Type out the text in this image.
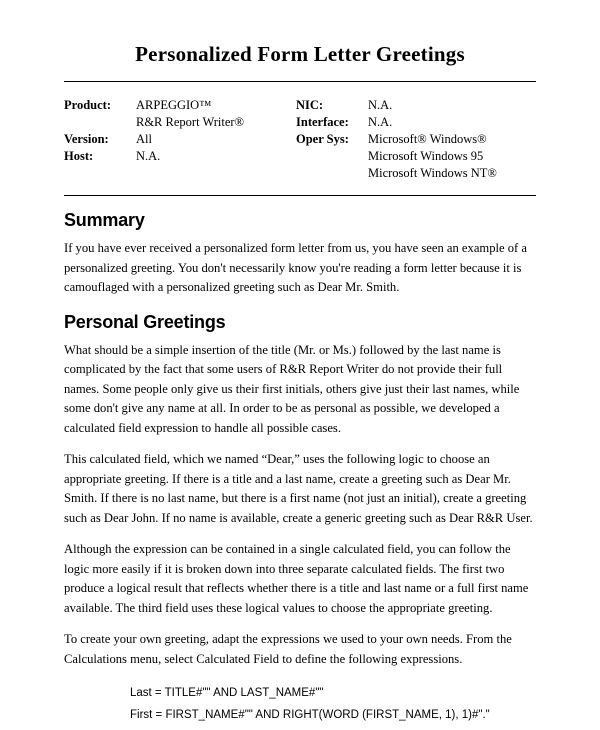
Personalized Form Letter Greetings
Product:
Version:
Host:
ARPEGGIO™
R&R Report Writer®
All
N.A.
NIC:
Interface:
Oper Sys:
N.A.
N.A.
Microsoft® Windows®
Microsoft Windows 95
Microsoft Windows NT®
Summary

If you have ever received a personalized form letter from us, you have seen an example of a personalized greeting. You don't necessarily know you're reading a form letter because it is camouflaged with a personalized greeting such as Dear Mr. Smith.

Personal Greetings

What should be a simple insertion of the title (Mr. or Ms.) followed by the last name is complicated by the fact that some users of R&R Report Writer do not provide their full names. Some people only give us their first initials, others give just their last names, while some don't give any name at all. In order to be as personal as possible, we developed a calculated field expression to handle all possible cases.

This calculated field, which we named “Dear,” uses the following logic to choose an appropriate greeting. If there is a title and a last name, create a greeting such as Dear Mr. Smith. If there is no last name, but there is a first name (not just an initial), create a greeting such as Dear John. If no name is available, create a generic greeting such as Dear R&R User.

Although the expression can be contained in a single calculated field, you can follow the logic more easily if it is broken down into three separate calculated fields. The first two produce a logical result that reflects whether there is a title and last name or a full first name available. The third field uses these logical values to choose the appropriate greeting.

To create your own greeting, adapt the expressions we used to your own needs. From the Calculations menu, select Calculated Field to define the following expressions.

Last = TITLE#"" AND LAST_NAME#""
First = FIRST_NAME#"" AND RIGHT(WORD (FIRST_NAME, 1), 1)#"."
